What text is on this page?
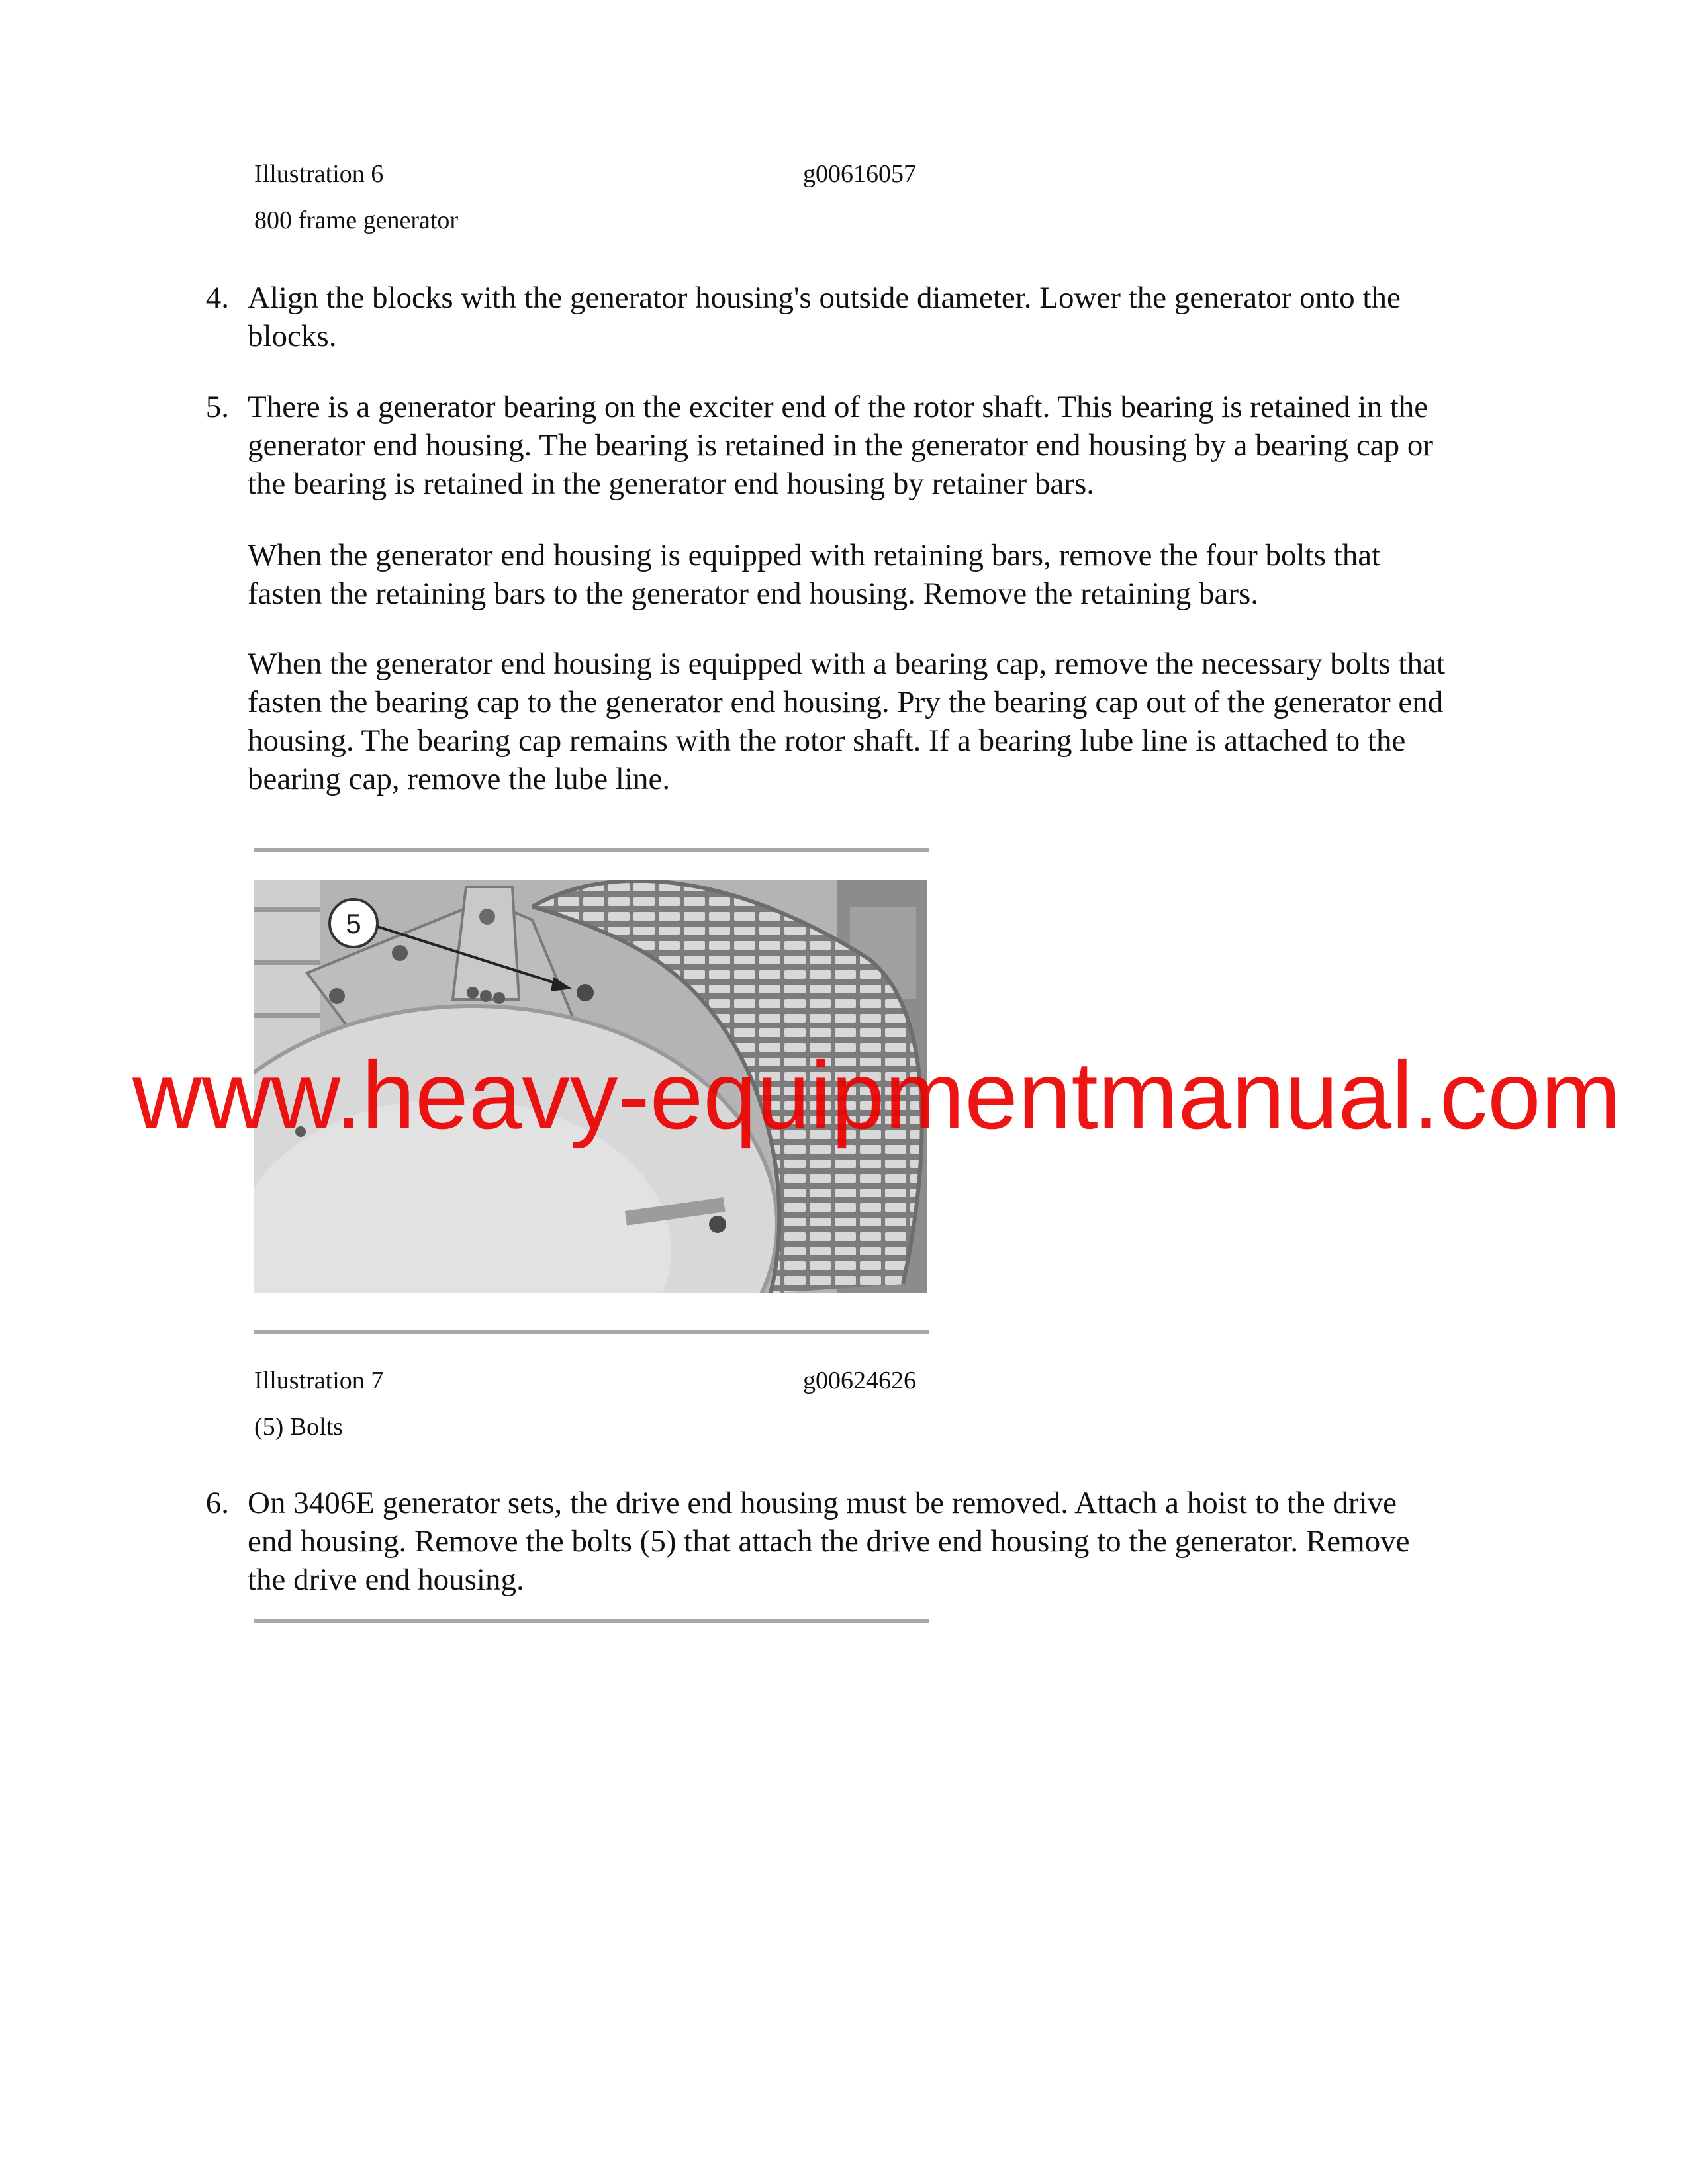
Illustration 6	g00616057
800 frame generator
4. Align the blocks with the generator housing's outside diameter. Lower the generator onto the
blocks.
5. There is a generator bearing on the exciter end of the rotor shaft. This bearing is retained in the
generator end housing. The bearing is retained in the generator end housing by a bearing cap or
the bearing is retained in the generator end housing by retainer bars.
When the generator end housing is equipped with retaining bars, remove the four bolts that
fasten the retaining bars to the generator end housing. Remove the retaining bars.
When the generator end housing is equipped with a bearing cap, remove the necessary bolts that
fasten the bearing cap to the generator end housing. Pry the bearing cap out of the generator end
housing. The bearing cap remains with the rotor shaft. If a bearing lube line is attached to the
bearing cap, remove the lube line.
5
Illustration 7	g00624626
(5) Bolts
6. On 3406E generator sets, the drive end housing must be removed. Attach a hoist to the drive
end housing. Remove the bolts (5) that attach the drive end housing to the generator. Remove
the drive end housing.
www.heavy-equipmentmanual.com
